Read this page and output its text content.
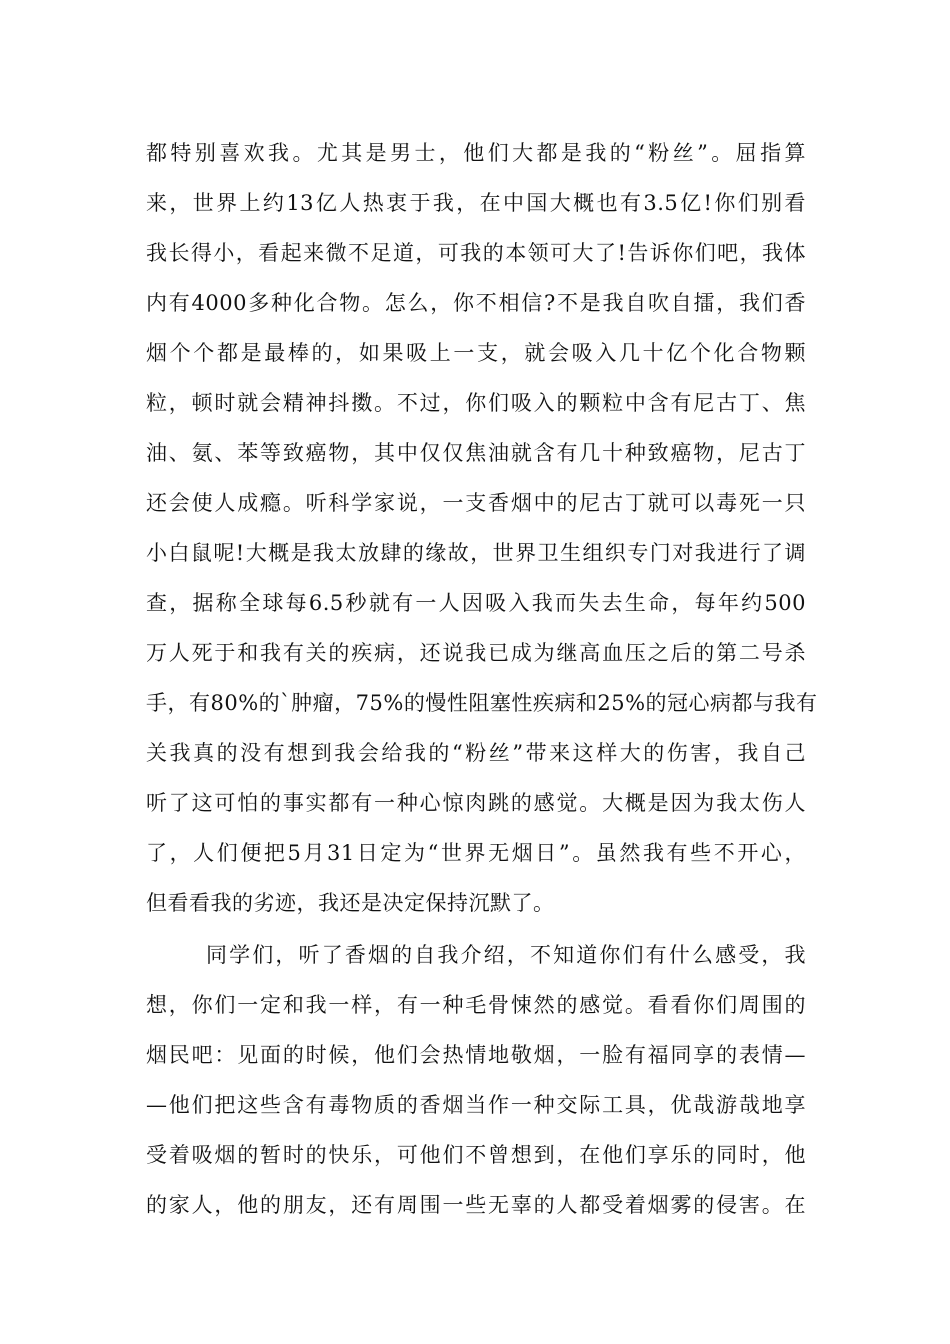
都特别喜欢我。尤其是男士，他们大都是我的“粉丝”。屈指算
来，世界上约13亿人热衷于我，在中国大概也有3.5亿!你们别看
我长得小，看起来微不足道，可我的本领可大了!告诉你们吧，我体
内有4000多种化合物。怎么，你不相信?不是我自吹自擂，我们香
烟个个都是最棒的，如果吸上一支，就会吸入几十亿个化合物颗
粒，顿时就会精神抖擞。不过，你们吸入的颗粒中含有尼古丁、焦
油、氨、苯等致癌物，其中仅仅焦油就含有几十种致癌物，尼古丁
还会使人成瘾。听科学家说，一支香烟中的尼古丁就可以毒死一只
小白鼠呢!大概是我太放肆的缘故，世界卫生组织专门对我进行了调
查，据称全球每6.5秒就有一人因吸入我而失去生命，每年约500
万人死于和我有关的疾病，还说我已成为继高血压之后的第二号杀
手，有80%的`肿瘤，75%的慢性阻塞性疾病和25%的冠心病都与我有
关我真的没有想到我会给我的“粉丝”带来这样大的伤害，我自己
听了这可怕的事实都有一种心惊肉跳的感觉。大概是因为我太伤人
了，人们便把5月31日定为“世界无烟日”。虽然我有些不开心，
但看看我的劣迹，我还是决定保持沉默了。
同学们，听了香烟的自我介绍，不知道你们有什么感受，我
想，你们一定和我一样，有一种毛骨悚然的感觉。看看你们周围的
烟民吧：见面的时候，他们会热情地敬烟，一脸有福同享的表情—
—他们把这些含有毒物质的香烟当作一种交际工具，优哉游哉地享
受着吸烟的暂时的快乐，可他们不曾想到，在他们享乐的同时，他
的家人，他的朋友，还有周围一些无辜的人都受着烟雾的侵害。在
